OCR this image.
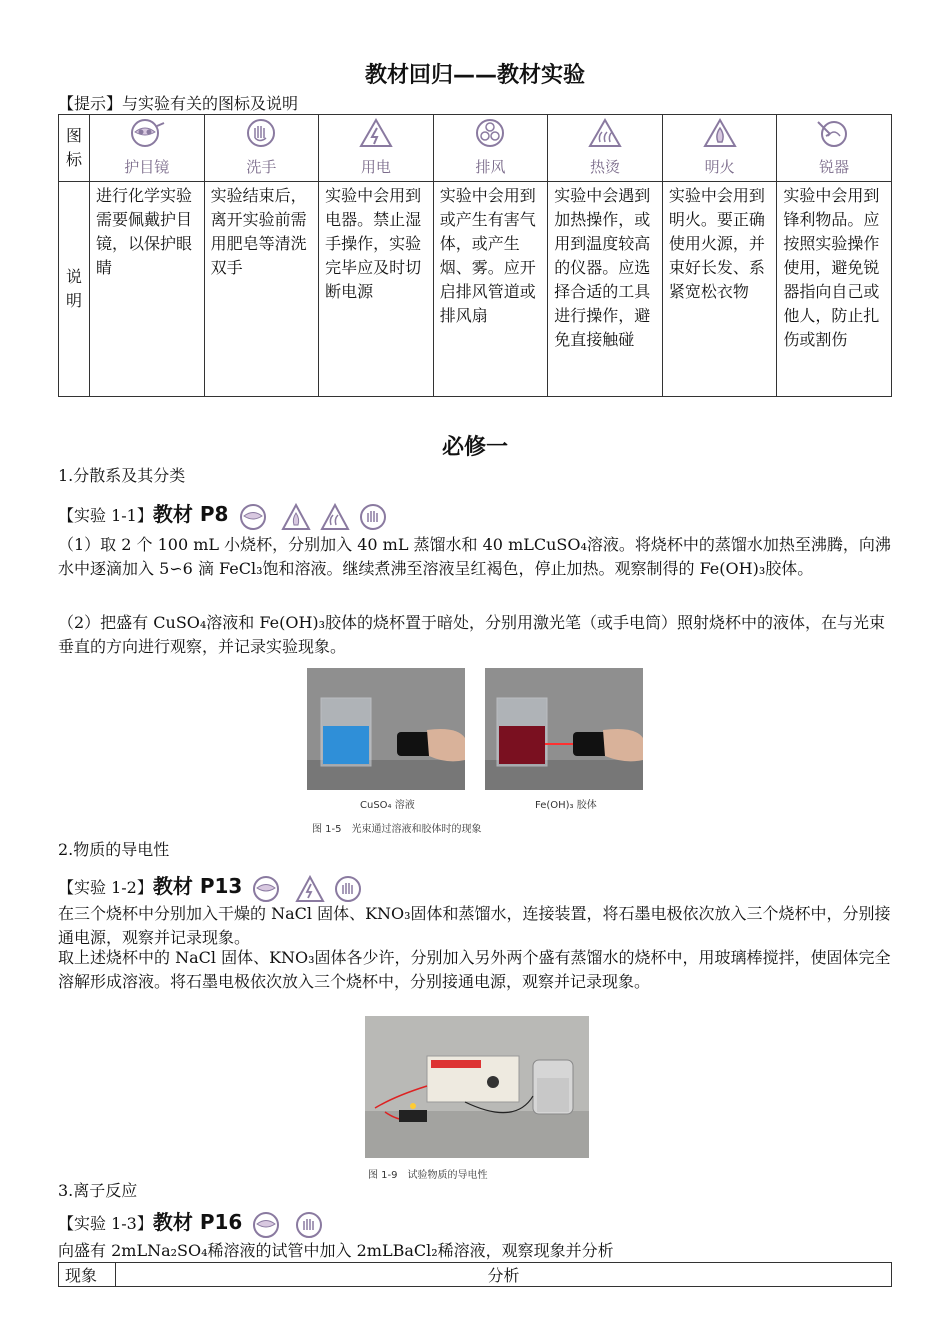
教材回归——教材实验
【提示】与实验有关的图标及说明
图标	护目镜	洗手	用电	排风	热烫	明火	锐器

说明	进行化学实验需要佩戴护目镜，以保护眼睛	实验结束后，离开实验前需用肥皂等清洗双手	实验中会用到电器。禁止湿手操作，实验完毕应及时切断电源	实验中会用到或产生有害气体，或产生烟、雾。应开启排风管道或排风扇	实验中会遇到加热操作，或用到温度较高的仪器。应选择合适的工具进行操作，避免直接触碰	实验中会用到明火。要正确使用火源，并束好长发、系紧宽松衣物	实验中会用到锋利物品。应按照实验操作使用，避免锐器指向自己或他人，防止扎伤或割伤
必修一
1.分散系及其分类
【实验 1-1】教材 P8
（1）取 2 个 100 mL 小烧杯，分别加入 40 mL 蒸馏水和 40 mLCuSO₄溶液。将烧杯中的蒸馏水加热至沸腾，向沸水中逐滴加入 5∽6 滴 FeCl₃饱和溶液。继续煮沸至溶液呈红褐色，停止加热。观察制得的 Fe(OH)₃胶体。
（2）把盛有 CuSO₄溶液和 Fe(OH)₃胶体的烧杯置于暗处，分别用激光笔（或手电筒）照射烧杯中的液体，在与光束垂直的方向进行观察，并记录实验现象。
CuSO₄ 溶液	Fe(OH)₃ 胶体
图 1-5　光束通过溶液和胶体时的现象
2.物质的导电性
【实验 1-2】教材 P13
在三个烧杯中分别加入干燥的 NaCl 固体、KNO₃固体和蒸馏水，连接装置，将石墨电极依次放入三个烧杯中，分别接通电源，观察并记录现象。
取上述烧杯中的 NaCl 固体、KNO₃固体各少许，分别加入另外两个盛有蒸馏水的烧杯中，用玻璃棒搅拌，使固体完全溶解形成溶液。将石墨电极依次放入三个烧杯中，分别接通电源，观察并记录现象。
图 1-9　试验物质的导电性
3.离子反应
【实验 1-3】教材 P16
向盛有 2mLNa₂SO₄稀溶液的试管中加入 2mLBaCl₂稀溶液，观察现象并分析
现象	分析
